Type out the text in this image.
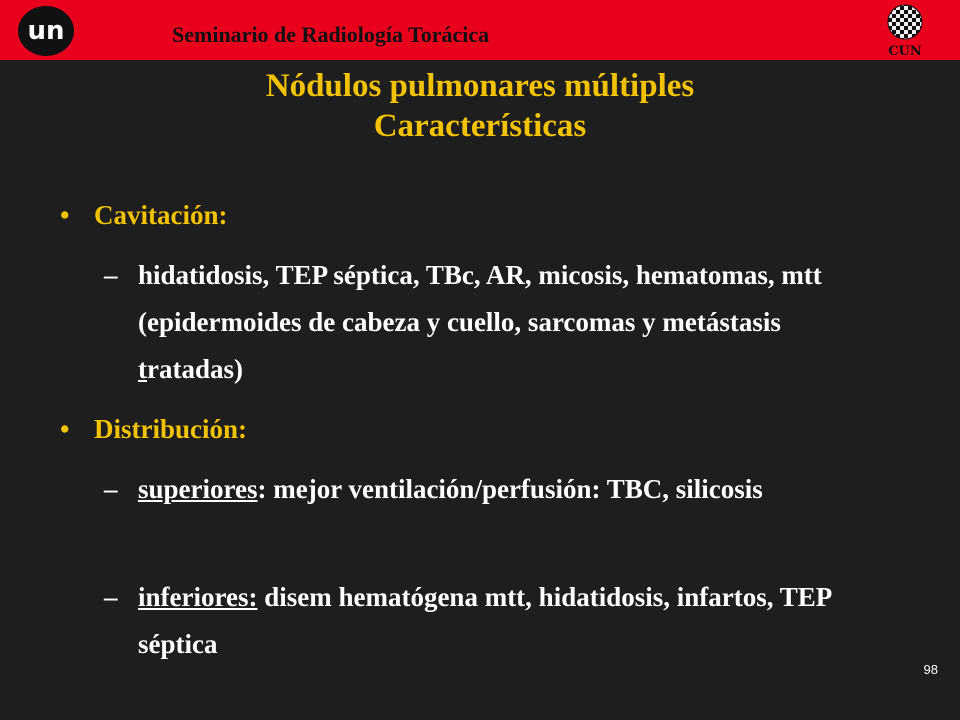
un	Seminario de Radiología Torácica
CUN
Nódulos pulmonares múltiples
Características
• Cavitación:
– hidatidosis, TEP séptica, TBc, AR, micosis, hematomas, mtt (epidermoides de cabeza y cuello, sarcomas y metástasis tratadas)
• Distribución:
– superiores: mejor ventilación/perfusión: TBC, silicosis
– inferiores: disem hematógena mtt, hidatidosis, infartos, TEP séptica
98
